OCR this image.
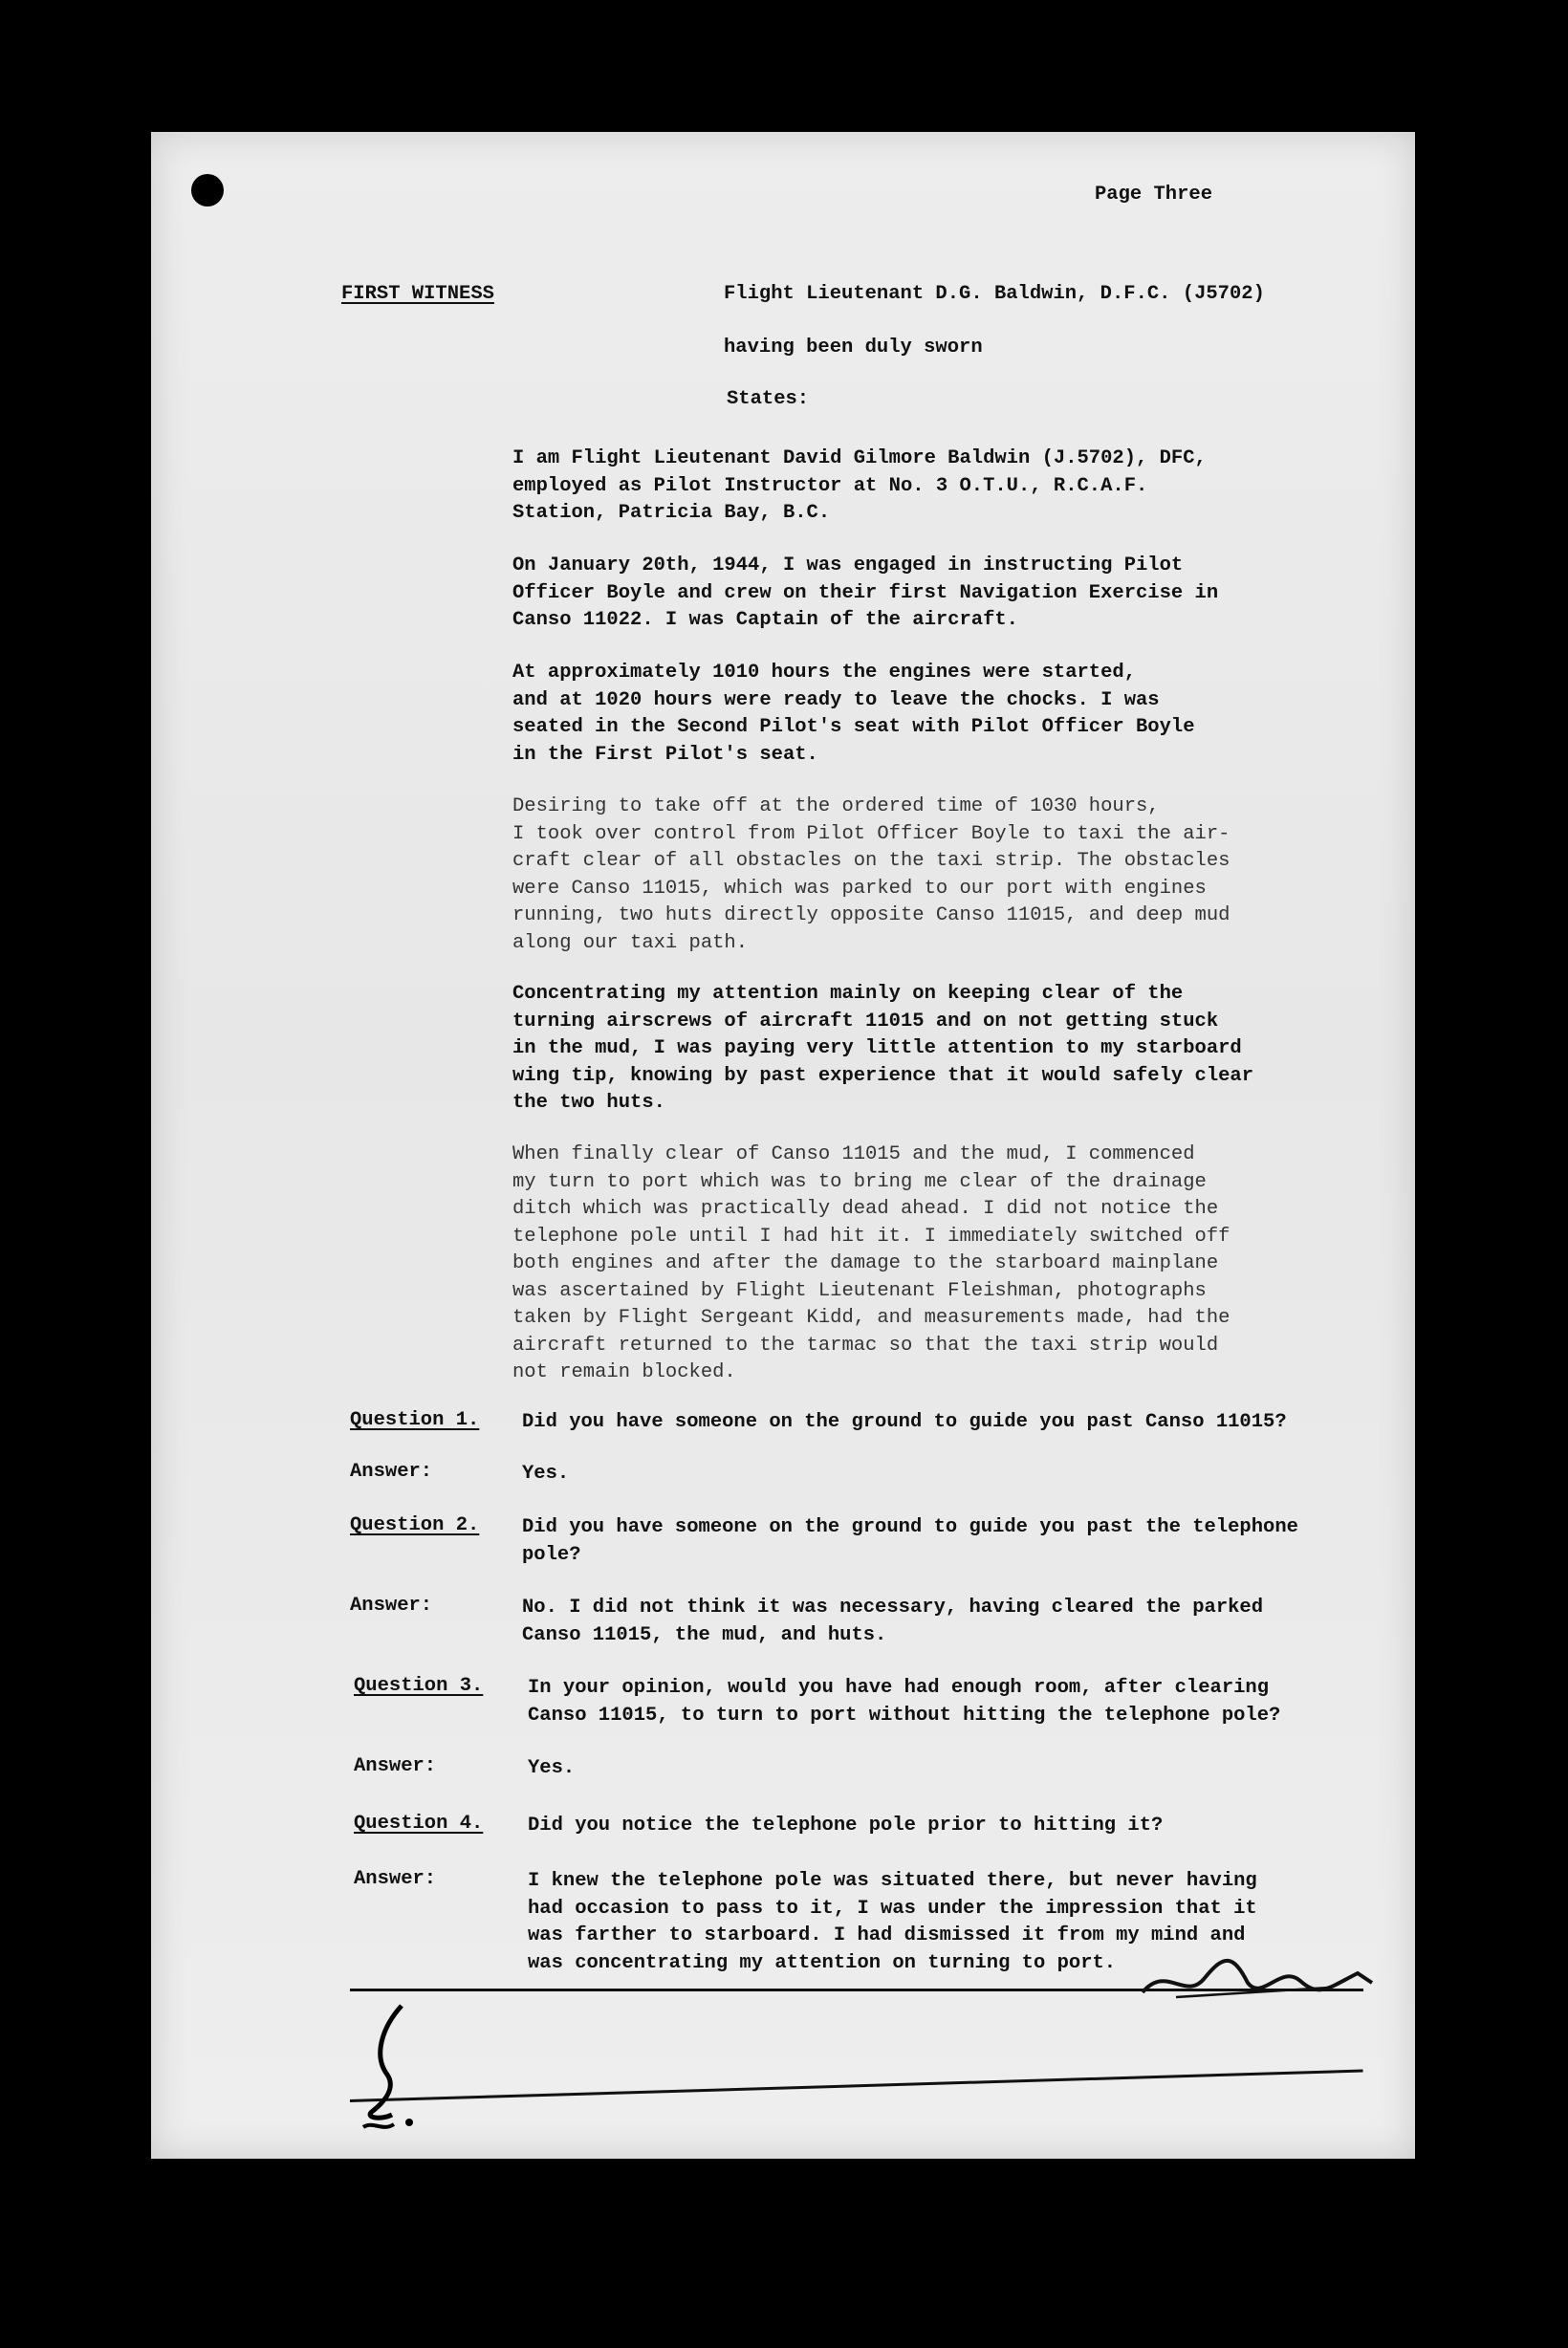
Page Three
FIRST WITNESS	Flight Lieutenant D.G. Baldwin, D.F.C. (J5702)
having been duly sworn
States:

I am Flight Lieutenant David Gilmore Baldwin (J.5702), DFC,
employed as Pilot Instructor at No. 3 O.T.U., R.C.A.F.
Station, Patricia Bay, B.C.
On January 20th, 1944, I was engaged in instructing Pilot
Officer Boyle and crew on their first Navigation Exercise in
Canso 11022. I was Captain of the aircraft.
At approximately 1010 hours the engines were started,
and at 1020 hours were ready to leave the chocks. I was
seated in the Second Pilot's seat with Pilot Officer Boyle
in the First Pilot's seat.
Desiring to take off at the ordered time of 1030 hours,
I took over control from Pilot Officer Boyle to taxi the air-
craft clear of all obstacles on the taxi strip. The obstacles
were Canso 11015, which was parked to our port with engines
running, two huts directly opposite Canso 11015, and deep mud
along our taxi path.
Concentrating my attention mainly on keeping clear of the
turning airscrews of aircraft 11015 and on not getting stuck
in the mud, I was paying very little attention to my starboard
wing tip, knowing by past experience that it would safely clear
the two huts.
When finally clear of Canso 11015 and the mud, I commenced
my turn to port which was to bring me clear of the drainage
ditch which was practically dead ahead. I did not notice the
telephone pole until I had hit it. I immediately switched off
both engines and after the damage to the starboard mainplane
was ascertained by Flight Lieutenant Fleishman, photographs
taken by Flight Sergeant Kidd, and measurements made, had the
aircraft returned to the tarmac so that the taxi strip would
not remain blocked.
Question 1. Did you have someone on the ground to guide you past Canso 11015?
Answer:	Yes.
Question 2. Did you have someone on the ground to guide you past the telephone
pole?
Answer:	No. I did not think it was necessary, having cleared the parked
Canso 11015, the mud, and huts.
Question 3. In your opinion, would you have had enough room, after clearing
Canso 11015, to turn to port without hitting the telephone pole?
Answer:	Yes.
Question 4. Did you notice the telephone pole prior to hitting it?
Answer:	I knew the telephone pole was situated there, but never having
had occasion to pass to it, I was under the impression that it
was farther to starboard. I had dismissed it from my mind and
was concentrating my attention on turning to port.
